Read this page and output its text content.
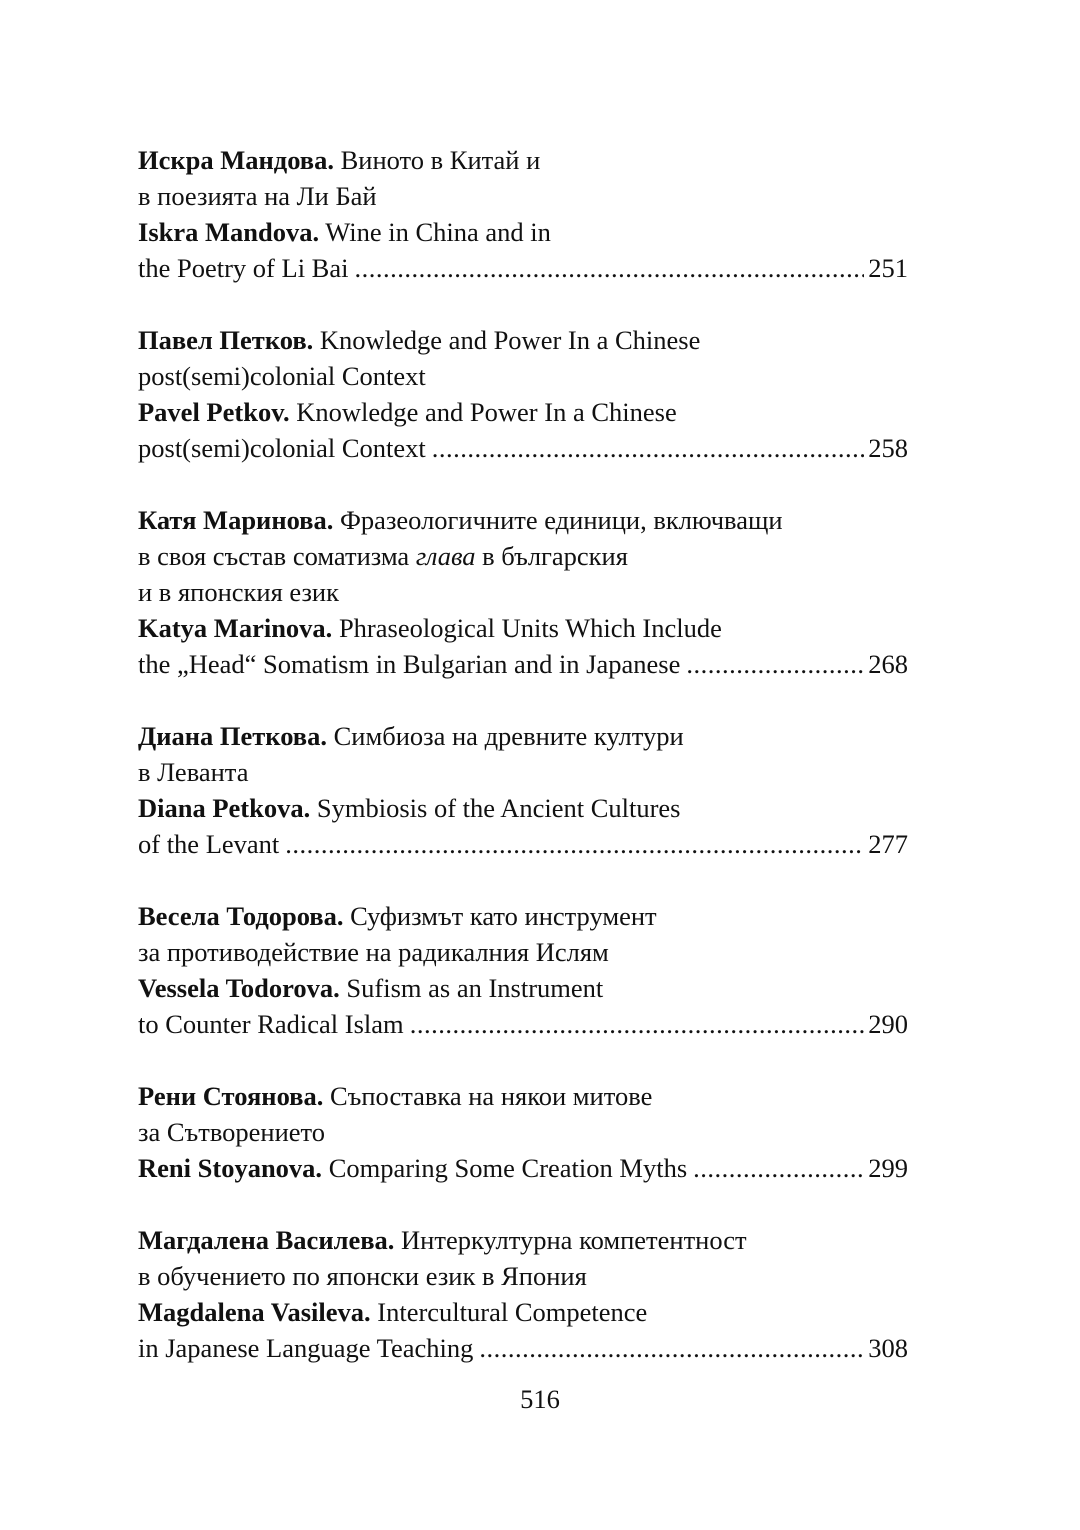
Искра Мандова. Виното в Китай и
в поезията на Ли Бай
Iskra Mandova. Wine in China and in
the Poetry of Li Bai .....	251
Павел Петков. Knowledge and Power In a Chinese
post(semi)colonial Context
Pavel Petkov. Knowledge and Power In a Chinese
post(semi)colonial Context .....	258
Катя Маринова. Фразеологичните единици, включващи
в своя състав соматизма глава в българския
и в японския език
Katya Marinova. Phraseological Units Which Include
the „Head“ Somatism in Bulgarian and in Japanese .....	268
Диана Петкова. Симбиоза на древните култури
в Леванта
Diana Petkova. Symbiosis of the Ancient Cultures
of the Levant .....	277
Весела Тодорова. Суфизмът като инструмент
за противодействие на радикалния Ислям
Vessela Todorova. Sufism as an Instrument
to Counter Radical Islam .....	290
Рени Стоянова. Съпоставка на някои митове
за Сътворението
Reni Stoyanova. Comparing Some Creation Myths .....	299
Магдалена Василева. Интеркултурна компетентност
в обучението по японски език в Япония
Magdalena Vasileva. Intercultural Competence
in Japanese Language Teaching .....	308
516
